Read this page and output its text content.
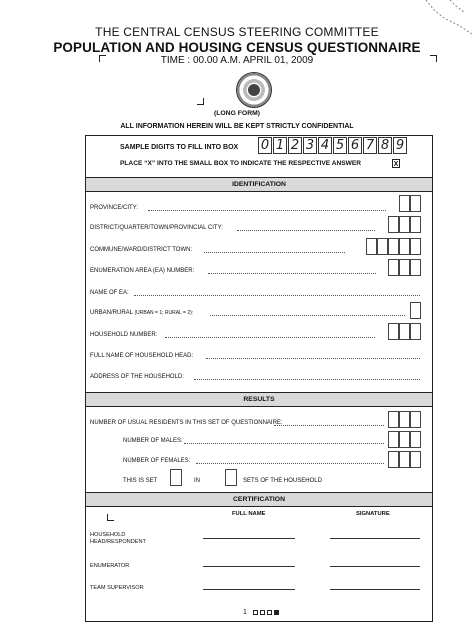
THE CENTRAL CENSUS STEERING COMMITTEE
POPULATION AND HOUSING CENSUS QUESTIONNAIRE
TIME : 00.00 A.M. APRIL 01, 2009
(LONG FORM)
ALL INFORMATION HEREIN WILL BE KEPT STRICTLY CONFIDENTIAL
SAMPLE DIGITS TO FILL INTO BOX 0 1 2 3 4 5 6 7 8 9
PLACE “X” INTO THE SMALL BOX TO INDICATE THE RESPECTIVE ANSWER	X
IDENTIFICATION
PROVINCE/CITY:
DISTRICT/QUARTER/TOWN/PROVINCIAL CITY:
COMMUNE/WARD/DISTRICT TOWN:
ENUMERATION AREA (EA) NUMBER:
NAME OF EA:
URBAN/RURAL (URBAN = 1; RURAL = 2):
HOUSEHOLD NUMBER:
FULL NAME OF HOUSEHOLD HEAD:
ADDRESS OF THE HOUSEHOLD:
RESULTS
NUMBER OF USUAL RESIDENTS IN THIS SET OF QUESTIONNAIRE:
NUMBER OF MALES:
NUMBER OF FEMALES:
THIS IS SET	IN	SETS OF THE HOUSEHOLD
CERTIFICATION
FULL NAME	SIGNATURE
HOUSEHOLD
HEAD/RESPONDENT
ENUMERATOR
TEAM SUPERVISOR
1
